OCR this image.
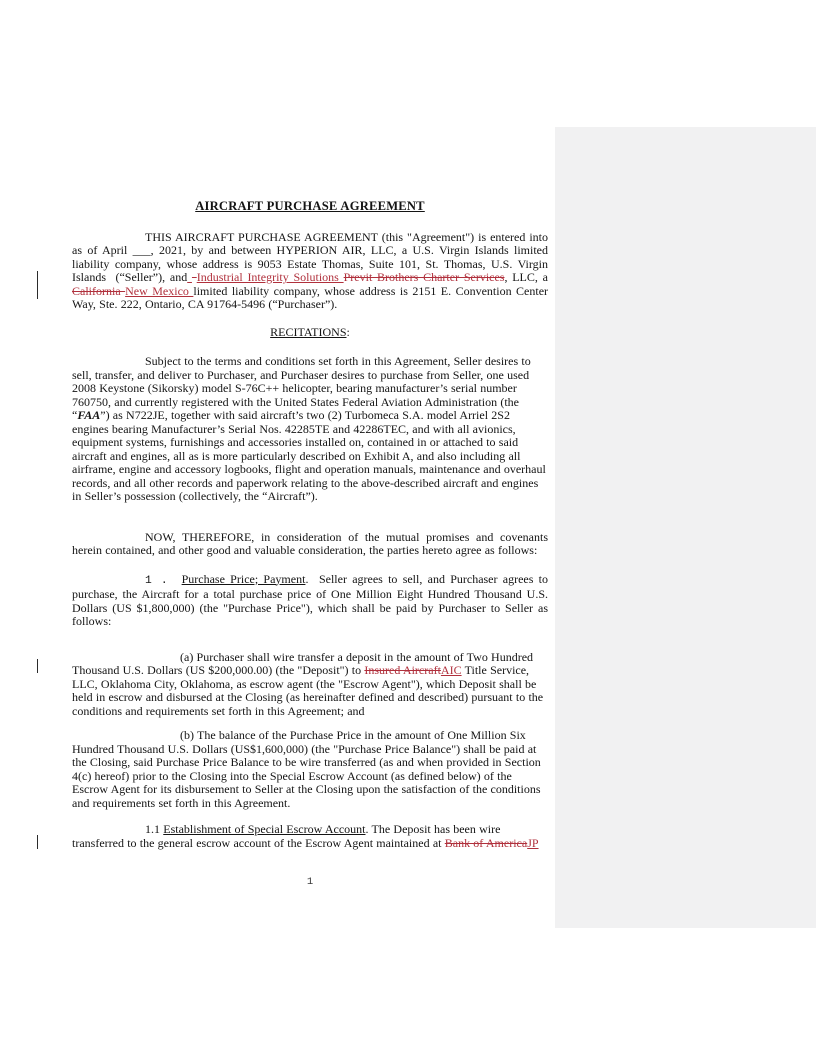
AIRCRAFT PURCHASE AGREEMENT
THIS AIRCRAFT PURCHASE AGREEMENT (this "Agreement") is entered into as of April ___, 2021, by and between HYPERION AIR, LLC, a U.S. Virgin Islands limited liability company, whose address is 9053 Estate Thomas, Suite 101, St. Thomas, U.S. Virgin Islands  (“Seller”), and Industrial Integrity Solutions Previt Brothers Charter Services, LLC, a California New Mexico limited liability company, whose address is 2151 E. Convention Center Way, Ste. 222, Ontario, CA 91764-5496 (“Purchaser”).
RECITATIONS:
Subject to the terms and conditions set forth in this Agreement, Seller desires to sell, transfer, and deliver to Purchaser, and Purchaser desires to purchase from Seller, one used 2008 Keystone (Sikorsky) model S-76C++ helicopter, bearing manufacturer’s serial number 760750, and currently registered with the United States Federal Aviation Administration (the “FAA”) as N722JE, together with said aircraft’s two (2) Turbomeca S.A. model Arriel 2S2 engines bearing Manufacturer’s Serial Nos. 42285TE and 42286TEC, and with all avionics, equipment systems, furnishings and accessories installed on, contained in or attached to said aircraft and engines, all as is more particularly described on Exhibit A, and also including all airframe, engine and accessory logbooks, flight and operation manuals, maintenance and overhaul records, and all other records and paperwork relating to the above-described aircraft and engines in Seller’s possession (collectively, the “Aircraft”).
NOW, THEREFORE, in consideration of the mutual promises and covenants herein contained, and other good and valuable consideration, the parties hereto agree as follows:
1 . Purchase Price; Payment.  Seller agrees to sell, and Purchaser agrees to purchase, the Aircraft for a total purchase price of One Million Eight Hundred Thousand U.S. Dollars (US $1,800,000) (the "Purchase Price"), which shall be paid by Purchaser to Seller as follows:
(a) Purchaser shall wire transfer a deposit in the amount of Two Hundred Thousand U.S. Dollars (US $200,000.00) (the "Deposit") to Insured AircraftAIC Title Service, LLC, Oklahoma City, Oklahoma, as escrow agent (the "Escrow Agent"), which Deposit shall be held in escrow and disbursed at the Closing (as hereinafter defined and described) pursuant to the conditions and requirements set forth in this Agreement; and
(b) The balance of the Purchase Price in the amount of One Million Six Hundred Thousand U.S. Dollars (US$1,600,000) (the "Purchase Price Balance") shall be paid at the Closing, said Purchase Price Balance to be wire transferred (as and when provided in Section 4(c) hereof) prior to the Closing into the Special Escrow Account (as defined below) of the Escrow Agent for its disbursement to Seller at the Closing upon the satisfaction of the conditions and requirements set forth in this Agreement.
1.1 Establishment of Special Escrow Account. The Deposit has been wire transferred to the general escrow account of the Escrow Agent maintained at Bank of AmericaJP
1
